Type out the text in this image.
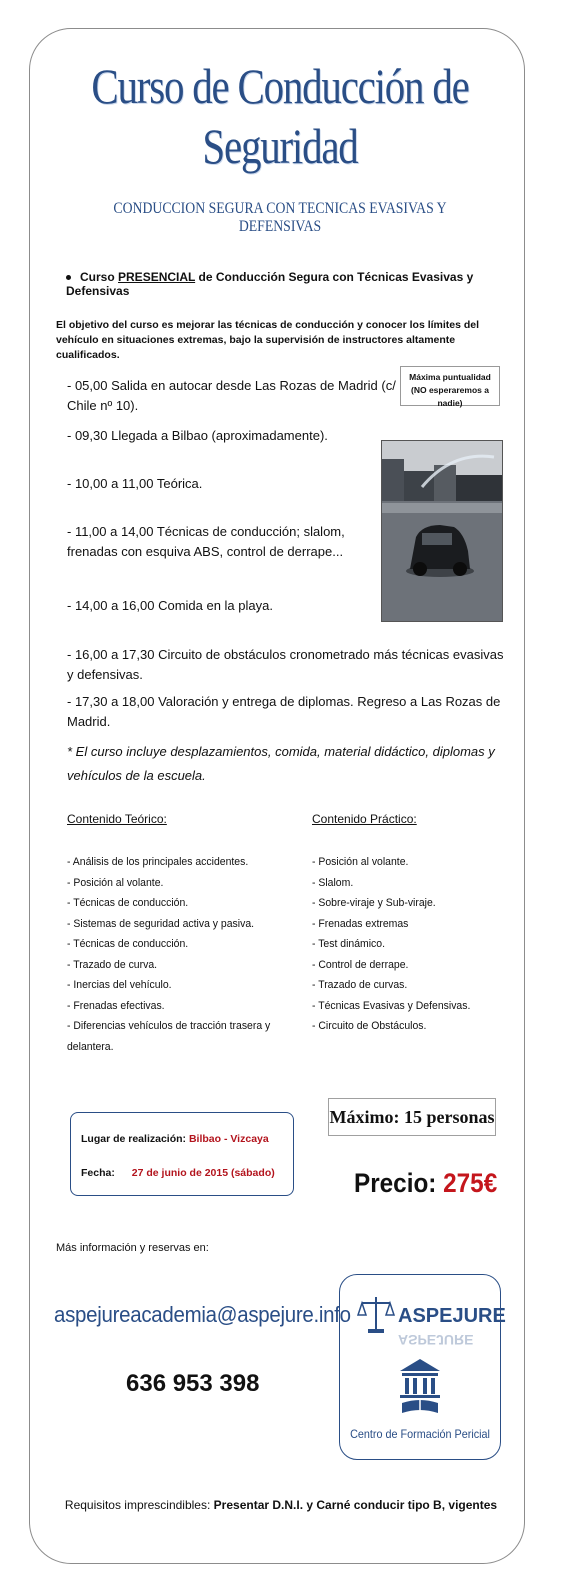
Curso de Conducción de Seguridad
CONDUCCION SEGURA CON TECNICAS EVASIVAS Y DEFENSIVAS
Curso PRESENCIAL de Conducción Segura con Técnicas Evasivas y Defensivas
El objetivo del curso es mejorar las técnicas de conducción y conocer los límites del vehículo en situaciones extremas, bajo la supervisión de instructores altamente cualificados.
- 05,00 Salida en autocar desde Las Rozas de Madrid (c/ Chile nº 10).
- 09,30 Llegada a Bilbao (aproximadamente).
- 10,00 a 11,00 Teórica.
- 11,00 a 14,00 Técnicas de conducción; slalom, frenadas con esquiva ABS, control de derrape...
- 14,00 a 16,00 Comida en la playa.
- 16,00 a 17,30 Circuito de obstáculos cronometrado más técnicas evasivas y defensivas.
- 17,30 a 18,00 Valoración y entrega de diplomas. Regreso a Las Rozas de Madrid.
Máxima puntualidad
(NO esperaremos a nadie)
* El curso incluye desplazamientos, comida, material didáctico, diplomas y vehículos de la escuela.
Contenido Teórico:	Contenido Práctico:
- Análisis de los principales accidentes.
- Posición al volante.
- Técnicas de conducción.
- Sistemas de seguridad activa y pasiva.
- Técnicas de conducción.
- Trazado de curva.
- Inercias del vehículo.
- Frenadas efectivas.
- Diferencias vehículos de tracción trasera y delantera.
- Posición al volante.
- Slalom.
- Sobre-viraje y Sub-viraje.
- Frenadas extremas
- Test dinámico.
- Control de derrape.
- Trazado de curvas.
- Técnicas Evasivas y Defensivas.
- Circuito de Obstáculos.
Lugar de realización: Bilbao - Vizcaya
Fecha: 27 de junio de 2015 (sábado)
Máximo: 15 personas
Precio: 275€
Más información y reservas en:
aspejureacademia@aspejure.info
636 953 398
ASPEJURE
ASPEJURE
Centro de Formación Pericial
Requisitos imprescindibles: Presentar D.N.I. y Carné conducir tipo B, vigentes
